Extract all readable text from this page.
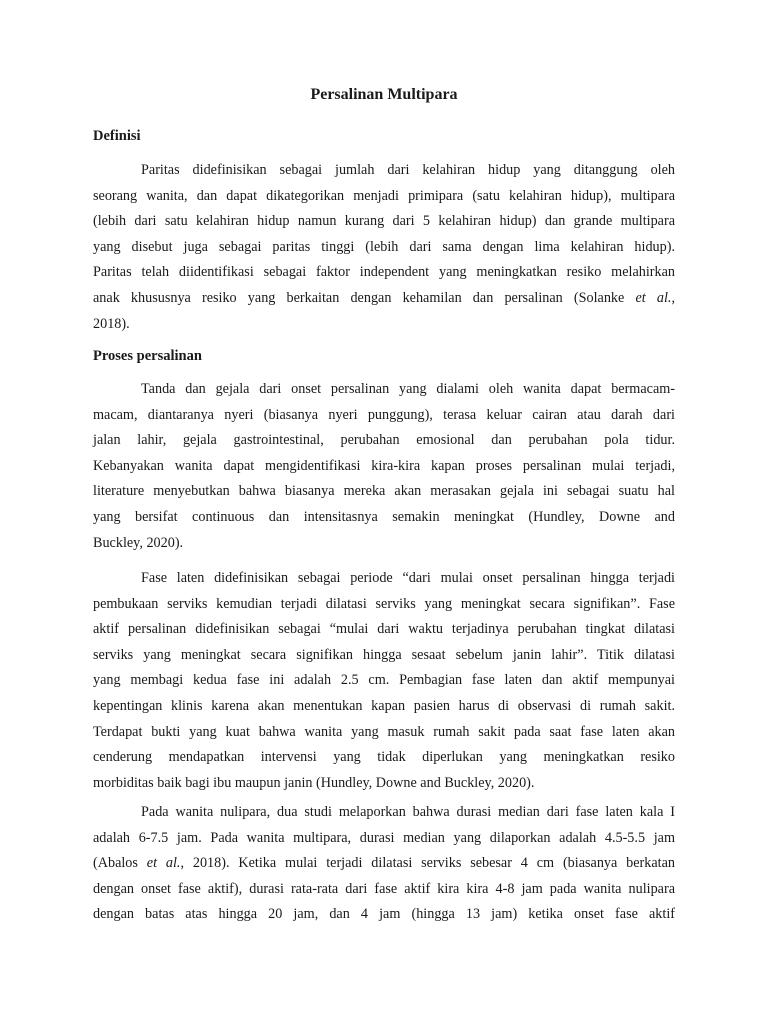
Persalinan Multipara
Definisi
Paritas didefinisikan sebagai jumlah dari kelahiran hidup yang ditanggung oleh
seorang wanita, dan dapat dikategorikan menjadi primipara (satu kelahiran hidup), multipara
(lebih dari satu kelahiran hidup namun kurang dari 5 kelahiran hidup) dan grande multipara
yang disebut juga sebagai paritas tinggi (lebih dari sama dengan lima kelahiran hidup).
Paritas telah diidentifikasi sebagai faktor independent yang meningkatkan resiko melahirkan
anak khususnya resiko yang berkaitan dengan kehamilan dan persalinan (Solanke et al.,
2018).
Proses persalinan
Tanda dan gejala dari onset persalinan yang dialami oleh wanita dapat bermacam-
macam, diantaranya nyeri (biasanya nyeri punggung), terasa keluar cairan atau darah dari
jalan lahir, gejala gastrointestinal, perubahan emosional dan perubahan pola tidur.
Kebanyakan wanita dapat mengidentifikasi kira-kira kapan proses persalinan mulai terjadi,
literature menyebutkan bahwa biasanya mereka akan merasakan gejala ini sebagai suatu hal
yang bersifat continuous dan intensitasnya semakin meningkat (Hundley, Downe and
Buckley, 2020).
Fase laten didefinisikan sebagai periode “dari mulai onset persalinan hingga terjadi
pembukaan serviks kemudian terjadi dilatasi serviks yang meningkat secara signifikan”. Fase
aktif persalinan didefinisikan sebagai “mulai dari waktu terjadinya perubahan tingkat dilatasi
serviks yang meningkat secara signifikan hingga sesaat sebelum janin lahir”. Titik dilatasi
yang membagi kedua fase ini adalah 2.5 cm. Pembagian fase laten dan aktif mempunyai
kepentingan klinis karena akan menentukan kapan pasien harus di observasi di rumah sakit.
Terdapat bukti yang kuat bahwa wanita yang masuk rumah sakit pada saat fase laten akan
cenderung mendapatkan intervensi yang tidak diperlukan yang meningkatkan resiko
morbiditas baik bagi ibu maupun janin (Hundley, Downe and Buckley, 2020).
Pada wanita nulipara, dua studi melaporkan bahwa durasi median dari fase laten kala I
adalah 6-7.5 jam. Pada wanita multipara, durasi median yang dilaporkan adalah 4.5-5.5 jam
(Abalos et al., 2018). Ketika mulai terjadi dilatasi serviks sebesar 4 cm (biasanya berkatan
dengan onset fase aktif), durasi rata-rata dari fase aktif kira kira 4-8 jam pada wanita nulipara
dengan batas atas hingga 20 jam, dan 4 jam (hingga 13 jam) ketika onset fase aktif
